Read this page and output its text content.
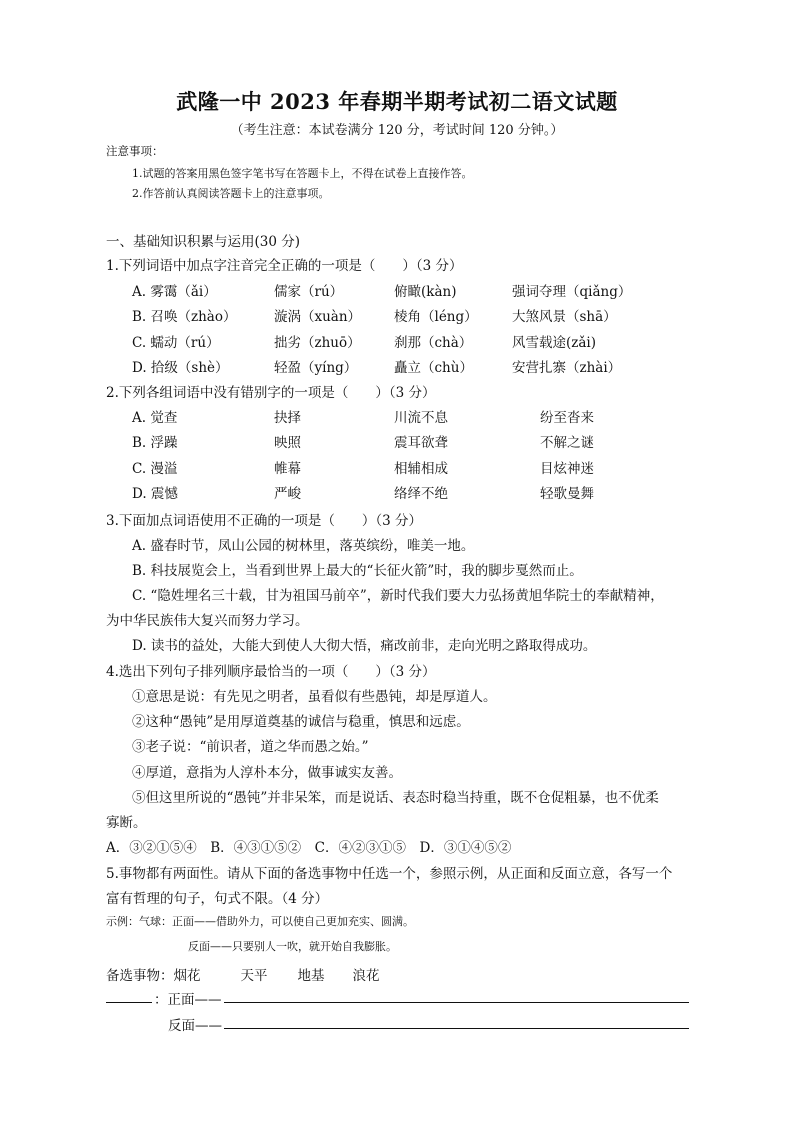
武隆一中 2023 年春期半期考试初二语文试题
（考生注意：本试卷满分 120 分，考试时间 120 分钟。）
注意事项：
1.试题的答案用黑色签字笔书写在答题卡上，不得在试卷上直接作答。
2.作答前认真阅读答题卡上的注意事项。
一、基础知识积累与运用(30 分)
1.下列词语中加点字注音完全正确的一项是（　　）（3 分）
A. 雾霭（ǎi）	儒家（rú）	俯瞰(kàn)	强词夺理（qiǎng）
B. 召唤（zhào）	漩涡（xuàn） 棱角（léng）	大煞风景（shā）
C. 蠕动（rú）	拙劣（zhuō） 刹那（chà）	风雪载途(zǎi)
D. 拾级（shè）	轻盈（yíng）	矗立（chù）	安营扎寨（zhài）
2.下列各组词语中没有错别字的一项是（　　）（3 分）
A. 觉查	抉择	川流不息	纷至沓来
B. 浮躁	映照	震耳欲聋	不解之谜
C. 漫溢	帷幕	相辅相成	目炫神迷
D. 震憾	严峻	络绎不绝	轻歌曼舞
3.下面加点词语使用不正确的一项是（　　）（3 分）
A. 盛春时节，凤山公园的树林里，落英缤纷，唯美一地。
B. 科技展览会上，当看到世界上最大的“长征火箭”时，我的脚步戛然而止。
C. “隐姓埋名三十载，甘为祖国马前卒”，新时代我们要大力弘扬黄旭华院士的奉献精神，
为中华民族伟大复兴而努力学习。
D. 读书的益处，大能大到使人大彻大悟，痛改前非，走向光明之路取得成功。
4.选出下列句子排列顺序最恰当的一项（　　）（3 分）
①意思是说：有先见之明者，虽看似有些愚钝，却是厚道人。
②这种“愚钝”是用厚道奠基的诚信与稳重，慎思和远虑。
③老子说：“前识者，道之华而愚之始。”
④厚道，意指为人淳朴本分，做事诚实友善。
⑤但这里所说的“愚钝”并非呆笨，而是说话、表态时稳当持重，既不仓促粗暴，也不优柔
寡断。
A．③②①⑤④　B．④③①⑤②　C．④②③①⑤　D．③①④⑤②
5.事物都有两面性。请从下面的备选事物中任选一个，参照示例，从正面和反面立意，各写一个
富有哲理的句子，句式不限。（4 分）
示例：气球：正面——借助外力，可以使自己更加充实、圆满。
反面——只要别人一吹，就开始自我膨胀。
备选事物：烟花	天平 地基 浪花
：正面——
反面——
